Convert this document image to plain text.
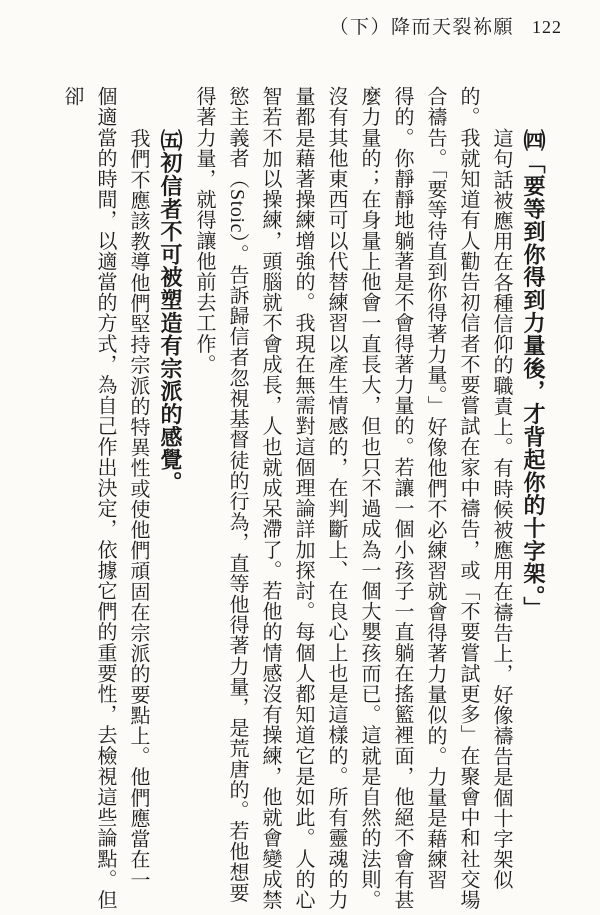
（下）降而天裂袮願 122

㈣「要等到你得到力量後，才背起你的十字架。」

這句話被應用在各種信仰的職責上。有時候被應用在禱告上，好像禱告是個十字架似的。我就知道有人勸告初信者不要嘗試在家中禱告，或「不要嘗試更多」在聚會中和社交場合禱告。「要等待直到你得著力量。」好像他們不必練習就會得著力量似的。力量是藉練習得的。你靜靜地躺著是不會得著力量的。若讓一個小孩子一直躺在搖籃裡面，他絕不會有甚麼力量的；在身量上他會一直長大，但也只不過成為一個大嬰孩而已。這就是自然的法則。沒有其他東西可以代替練習以產生情感的，在判斷上、在良心上也是這樣的。所有靈魂的力量都是藉著操練增強的。我現在無需對這個理論詳加探討。每個人都知道它是如此。人的心智若不加以操練，頭腦就不會成長，人也就成呆滯了。若他的情感沒有操練，他就會變成禁慾主義者（Stoic）。告訴歸信者忽視基督徒的行為，直等他得著力量，是荒唐的。若他想要得著力量，就得讓他前去工作。

㈤初信者不可被塑造有宗派的感覺。

我們不應該教導他們堅持宗派的特異性或使他們頑固在宗派的要點上。他們應當在一個適當的時間，以適當的方式，為自己作出決定，依據它們的重要性，去檢視這些論點。但卻
